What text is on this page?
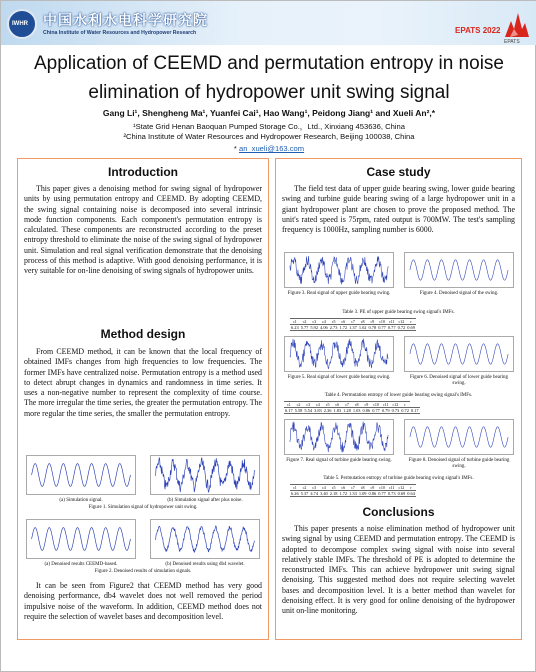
IWHR 中国水利水电科学研究院
China Institute of Water Resources and Hydropower Research	EPATS 2022
EPATS
Application of CEEMD and permutation entropy in noise
elimination of hydropower unit swing signal
Gang Li¹, Shengheng Ma¹, Yuanfei Cai¹, Hao Wang¹, Peidong Jiang¹ and Xueli An²,*
¹State Grid Henan Baoquan Pumped Storage Co.，Ltd., Xinxiang 453636, China
²China Institute of Water Resources and Hydropower Research, Beijing 100038, China
* an_xueli@163.com
Introduction
This paper gives a denoising method for swing signal of hydropower units by using permutation entropy and CEEMD. By adopting CEEMD, the swing signal containing noise is decomposed into several intrinsic mode function components. Each component's permutation entropy is calculated. These components are reconstructed according to the preset entropy threshold to eliminate the noise of the swing signal of hydropower unit. Simulation and real signal verification demonstrate that the denoising process of this method is adaptive. With good denoising performance, it is very suitable for on-line denoising of swing signals of hydropower units.
Method design
From CEEMD method, it can be known that the local frequency of obtained IMFs changes from high frequencies to low frequencies. The former IMFs have centralized noise. Permutation entropy is a method used to detect abrupt changes in dynamics and randomness in time series. It uses a non-negative number to represent the complexity of time course. The more irregular the time series, the greater the permutation entropy. The more regular the time series, the smaller the permutation entropy.
(a) Simulation signal.	(b) Simulation signal after plus noise.
Figure 1. Simulation signal of hydropower unit swing.
(a) Denoised results CEEMD-based.	(b) Denoised results using db4 wavelet.
Figure 2. Denoised results of simulation signals.
It can be seen from Figure2 that CEEMD method has very good denoising performance, db4 wavelet does not well removed the period impulsive noise of the waveform. In addition, CEEMD method does not require the selection of wavelet bases and decomposition level.
Case study
The field test data of upper guide bearing swing, lower guide bearing swing and turbine guide bearing swing of a large hydropower unit in a giant hydropower plant are chosen to prove the proposed method. The unit's rated speed is 75rpm, rated output is 700MW. The test's sampling frequency is 1000Hz, sampling number is 6000.
Figure 3. Real signal of upper guide bearing swing.	Figure 4. Denoised signal of the swing.
Table 3. PE of upper guide bearing swing signal's IMFs.
c1	c2	c3	c4	c5	c6	c7	c8	c9	c10	c11	c12	r
6.23	5.77	5.92	4.06	2.73	1.72	1.37	1.02	0.78	0.77	0.77	0.72	0.69
Figure 5. Real signal of lower guide bearing swing.	Figure 6. Denoised signal of lower guide bearing swing.
Table 4. Permutation entropy of lower guide bearing swing signal's IMFs.
c1	c2	c3	c4	c5	c6	c7	c8	c9	c10	c11	c12	r	
6.17	5.58	5.54	3.83	2.36	1.83	1.28	1.03	0.86	0.77	0.79	0.73	0.72	0.17
Figure 7. Real signal of turbine guide bearing swing.	Figure 8. Denoised signal of turbine guide bearing swing.
Table 5. Permutation entropy of turbine guide bearing swing signal's IMFs.
c1	c2	c3	c4	c5	c6	c7	c8	c9	c10	c11	c12	r
6.26	5.37	4.74	3.40	2.18	1.72	1.33	1.09	0.86	0.77	0.73	0.69	0.64
Conclusions
This paper presents a noise elimination method of hydropower unit swing signal by using CEEMD and permutation entropy. The CEEMD is adopted to decompose complex swing signal with noise into several relatively stable IMFs. The threshold of PE is adopted to determine the reconstructed IMFs. This can achieve hydropower unit swing signal denoising. This suggested method does not require selecting wavelet bases and decomposition level. It is a better method than wavelet for denoising effect. It is very good for online denoising of the hydropower unit on-line monitoring.
